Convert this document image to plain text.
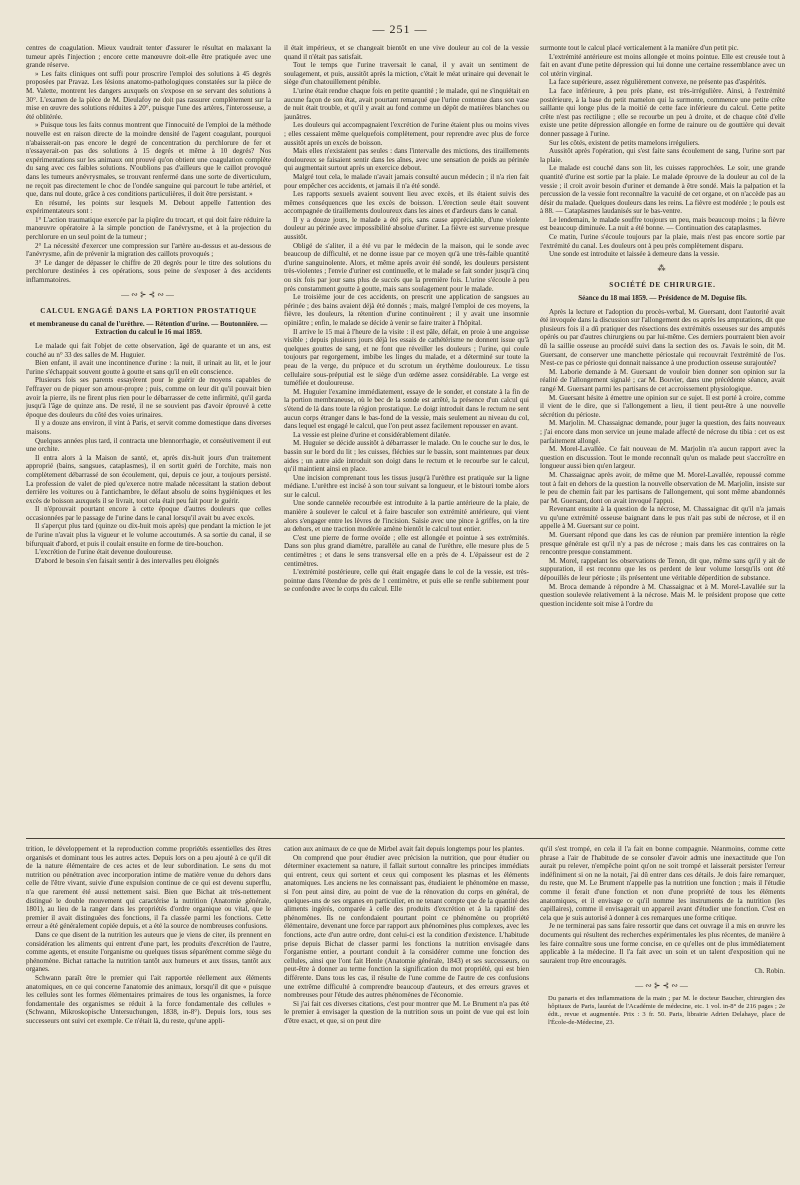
— 251 —

centres de coagulation. Mieux vaudrait tenter d'assurer le résultat en malaxant la tumeur après l'injection ; encore cette manœuvre doit-elle être pratiquée avec une grande réserve.

» Les faits cliniques ont suffi pour proscrire l'emploi des solutions à 45 degrés proposées par Pravaz. Les lésions anatomo-pathologiques constatées sur la pièce de M. Valette, montrent les dangers auxquels on s'expose en se servant des solutions à 30°. L'examen de la pièce de M. Dieulafoy ne doit pas rassurer complètement sur la mise en œuvre des solutions réduites à 20°, puisque l'une des artères, l'interosseuse, a été oblitérée.

» Puisque tous les faits connus montrent que l'innocuité de l'emploi de la méthode nouvelle est en raison directe de la moindre densité de l'agent coagulant, pourquoi n'abaisserait-on pas encore le degré de concentration du perchlorure de fer et n'essayerait-on pas des solutions à 15 degrés et même à 10 degrés? Nos expérimentations sur les animaux ont prouvé qu'on obtient une coagulation complète du sang avec ces faibles solutions. N'oublions pas d'ailleurs que le caillot provoqué dans les tumeurs anévrysmales, se trouvant renfermé dans une sorte de diverticulum, ne reçoit pas directement le choc de l'ondée sanguine qui parcourt le tube artériel, et que, dans nul doute, grâce à ces conditions particulières, il doit être persistant. »

En résumé, les points sur lesquels M. Debout appelle l'attention des expérimentateurs sont :

1° L'action traumatique exercée par la piqûre du trocart, et qui doit faire réduire la manœuvre opératoire à la simple ponction de l'anévrysme, et à la projection du perchlorure en un seul point de la tumeur ;

2° La nécessité d'exercer une compression sur l'artère au-dessus et au-dessous de l'anévrysme, afin de prévenir la migration des caillots provoqués ;

3° Le danger de dépasser le chiffre de 20 degrés pour le titre des solutions du perchlorure destinées à ces opérations, sous peine de s'exposer à des accidents inflammatoires.

—∾⊱⊰∾—
CALCUL ENGAGÉ DANS LA PORTION PROSTATIQUE
et membraneuse du canal de l'urèthre. — Rétention d'urine. — Boutonnière. — Extraction du calcul le 16 mai 1859.

Le malade qui fait l'objet de cette observation, âgé de quarante et un ans, est couché au n° 33 des salles de M. Huguier.

Bien enfant, il avait une incontinence d'urine : la nuit, il urinait au lit, et le jour l'urine s'échappait souvent goutte à goutte et sans qu'il en eût conscience.

Plusieurs fois ses parents essayèrent pour le guérir de moyens capables de l'effrayer ou de piquer son amour-propre ; puis, comme on leur dit qu'il pouvait bien avoir la pierre, ils ne firent plus rien pour le débarrasser de cette infirmité, qu'il garda jusqu'à l'âge de quinze ans. De resté, il ne se souvient pas d'avoir éprouvé à cette époque des douleurs du côté des voies urinaires.

Il y a douze ans environ, il vint à Paris, et servit comme domestique dans diverses maisons.

Quelques années plus tard, il contracta une blennorrhagie, et conséutivement il eut une orchite.

Il entra alors à la Maison de santé, et, après dix-huit jours d'un traitement approprié (bains, sangsues, cataplasmes), il en sortit guéri de l'orchite, mais non complètement débarrassé de son écoulement, qui, depuis ce jour, a toujours persisté. La profession de valet de pied qu'exerce notre malade nécessitant la station debout derrière les voitures ou à l'antichambre, le défaut absolu de soins hygiéniques et les excès de boisson auxquels il se livrait, tout cela était peu fait pour le guérir.

Il n'éprouvait pourtant encore à cette époque d'autres douleurs que celles occasionnées par le passage de l'urine dans le canal lorsqu'il avait bu avec excès.

Il s'aperçut plus tard (quinze ou dix-huit mois après) que pendant la miction le jet de l'urine n'avait plus la vigueur et le volume accoutumés. A sa sortie du canal, il se bifurquait d'abord, et puis il coulait ensuite en forme de tire-bouchon.

L'excrétion de l'urine était devenue douloureuse.

D'abord le besoin s'en faisait sentir à des intervalles peu éloignés

il était impérieux, et se changeait bientôt en une vive douleur au col de la vessie quand il n'était pas satisfait.

Tout le temps que l'urine traversait le canal, il y avait un sentiment de soulagement, et puis, aussitôt après la miction, c'était le méat urinaire qui devenait le siège d'un chatouillement pénible.

L'urine était rendue chaque fois en petite quantité ; le malade, qui ne s'inquiétait en aucune façon de son état, avait pourtant remarqué que l'urine contenue dans son vase de nuit était trouble, et qu'il y avait au fond comme un dépôt de matières blanches ou jaunâtres.

Les douleurs qui accompagnaient l'excrétion de l'urine étaient plus ou moins vives ; elles cessaient même quelquefois complètement, pour reprendre avec plus de force aussitôt après un excès de boisson.

Mais elles n'existaient pas seules : dans l'intervalle des mictions, des tiraillements douloureux se faisaient sentir dans les aînes, avec une sensation de poids au périnée qui augmentait surtout après un exercice debout.

Malgré tout cela, le malade n'avait jamais consulté aucun médecin ; il n'a rien fait pour empêcher ces accidents, et jamais il n'a été sondé.

Les rapports sexuels avaient souvent lieu avec excès, et ils étaient suivis des mêmes conséquences que les excès de boisson. L'érection seule était souvent accompagnée de tiraillements douloureux dans les aines et d'ardeurs dans le canal.

Il y a douze jours, le malade a été pris, sans cause appréciable, d'une violente douleur au périnée avec impossibilité absolue d'uriner. La fièvre est survenue presque aussitôt.

Obligé de s'aliter, il a été vu par le médecin de la maison, qui le sonde avec beaucoup de difficulté, et ne donne issue par ce moyen qu'à une très-faible quantité d'urine sanguinolente. Alors, et même après avoir été sondé, les douleurs persistent très-violentes ; l'envie d'uriner est continuelle, et le malade se fait sonder jusqu'à cinq ou six fois par jour sans plus de succès que la première fois. L'urine s'écoule à peu près constamment goutte à goutte, mais sans soulagement pour le malade.

Le troisième jour de ces accidents, on prescrit une application de sangsues au périnée ; des bains avaient déjà été donnés ; mais, malgré l'emploi de ces moyens, la fièvre, les douleurs, la rétention d'urine continuèrent ; il y avait une insomnie opiniâtre ; enfin, le malade se décide à venir se faire traiter à l'hôpital.

Il arrive le 15 mai à l'heure de la visite : il est pâle, défait, en proie à une angoisse visible ; depuis plusieurs jours déjà les essais de cathétérisme ne donnent issue qu'à quelques gouttes de sang, et ne font que réveiller les douleurs ; l'urine, qui coule toujours par regorgement, imbibe les linges du malade, et a déterminé sur toute la peau de la verge, du prépuce et du scrotum un érythème douloureux. Le tissu cellulaire sous-préputial est le siège d'un œdème assez considérable. La verge est tuméfiée et douloureuse.

M. Huguier l'examine immédiatement, essaye de le sonder, et constate à la fin de la portion membraneuse, où le bec de la sonde est arrêté, la présence d'un calcul qui s'étend de là dans toute la région prostatique. Le doigt introduit dans le rectum ne sent aucun corps étranger dans le bas-fond de la vessie, mais seulement au niveau du col, dans lequel est engagé le calcul, que l'on peut assez facilement repousser en avant.

La vessie est pleine d'urine et considérablement dilatée.

M. Huguier se décide aussitôt à débarrasser le malade. On le couche sur le dos, le bassin sur le bord du lit ; les cuisses, fléchies sur le bassin, sont maintenues par deux aides ; un autre aide introduit son doigt dans le rectum et le recourbe sur le calcul, qu'il maintient ainsi en place.

Une incision comprenant tous les tissus jusqu'à l'urèthre est pratiquée sur la ligne médiane. L'urèthre est incisé à son tour suivant sa longueur, et le bistouri tombe alors sur le calcul.

Une sonde cannelée recourbée est introduite à la partie antérieure de la plaie, de manière à soulever le calcul et à faire basculer son extrémité antérieure, qui vient alors s'engager entre les lèvres de l'incision. Saisie avec une pince à griffes, on la tire au dehors, et une traction modérée amène bientôt le calcul tout entier.

C'est une pierre de forme ovoïde ; elle est allongée et pointue à ses extrémités. Dans son plus grand diamètre, parallèle au canal de l'urèthre, elle mesure plus de 5 centimètres ; et dans le sens transversal elle en a près de 4. L'épaisseur est de 2 centimètres.

L'extrémité postérieure, celle qui était engagée dans le col de la vessie, est très-pointue dans l'étendue de près de 1 centimètre, et puis elle se renfle subitement pour se confondre avec le corps du calcul. Elle

surmonte tout le calcul placé verticalement à la manière d'un petit pic.

L'extrémité antérieure est moins allongée et moins pointue. Elle est creusée tout à fait en avant d'une petite dépression qui lui donne une certaine ressemblance avec un col utérin virginal.

La face supérieure, assez régulièrement convexe, ne présente pas d'aspérités.

La face inférieure, à peu près plane, est très-irrégulière. Ainsi, à l'extrémité postérieure, à la base du petit mamelon qui la surmonte, commence une petite crête saillante qui longe plus de la moitié de cette face inférieure du calcul. Cette petite crête n'est pas rectiligne ; elle se recourbe un peu à droite, et de chaque côté d'elle existe une petite dépression allongée en forme de rainure ou de gouttière qui devait donner passage à l'urine.

Sur les côtés, existent de petits mamelons irréguliers.

Aussitôt après l'opération, qui s'est faite sans écoulement de sang, l'urine sort par la plaie.

Le malade est couché dans son lit, les cuisses rapprochées. Le soir, une grande quantité d'urine est sortie par la plaie. Le malade éprouve de la douleur au col de la vessie ; il croit avoir besoin d'uriner et demande à être sondé. Mais la palpation et la percussion de la vessie font reconnaître la vacuité de cet organe, et on n'accède pas au désir du malade. Quelques douleurs dans les reins. La fièvre est modérée ; le pouls est à 88. — Cataplasmes laudanisés sur le bas-ventre.

Le lendemain, le malade souffre toujours un peu, mais beaucoup moins ; la fièvre est beaucoup diminuée. La nuit a été bonne. — Continuation des cataplasmes.

Ce matin, l'urine s'écoule toujours par la plaie, mais n'est pas encore sortie par l'extrémité du canal. Les douleurs ont à peu près complètement disparu.

Une sonde est introduite et laissée à demeure dans la vessie.

⁂
SOCIÉTÉ DE CHIRURGIE.
Séance du 18 mai 1859. — Présidence de M. Deguise fils.

Après la lecture et l'adoption du procès-verbal, M. Guersant, dont l'autorité avait été invoquée dans la discussion sur l'allongement des os après les amputations, dit que plusieurs fois il a dû pratiquer des résections des extrémités osseuses sur des amputés opérés ou par d'autres chirurgiens ou par lui-même. Ces derniers pourraient bien avoir dû la saillie osseuse au procédé suivi dans la section des os. J'avais le soin, dit M. Guersant, de conserver une manchette périostale qui recouvrait l'extrémité de l'os. N'est-ce pas ce périoste qui donnait naissance à une production osseuse surajoutée?

M. Laborie demande à M. Guersant de vouloir bien donner son opinion sur la réalité de l'allongement signalé ; car M. Bouvier, dans une précédente séance, avait rangé M. Guersant parmi les partisans de cet accroissement physiologique.

M. Guersant hésite à émettre une opinion sur ce sujet. Il est porté à croire, comme il vient de le dire, que si l'allongement a lieu, il tient peut-être à une nouvelle sécrétion du périoste.

M. Marjolin. M. Chassaignac demande, pour juger la question, des faits nouveaux ; j'ai encore dans mon service un jeune malade affecté de nécrose du tibia : cet os est parfaitement allongé.

M. Morel-Lavallée. Ce fait nouveau de M. Marjolin n'a aucun rapport avec la question en discussion. Tout le monde reconnaît qu'un os malade peut s'accroître en longueur aussi bien qu'en largeur.

M. Chassaignac après avoir, de même que M. Morel-Lavallée, repoussé comme tout à fait en dehors de la question la nouvelle observation de M. Marjolin, insiste sur le peu de chemin fait par les partisans de l'allongement, qui sont même abandonnés par M. Guersant, dont on avait invoqué l'appui.

Revenant ensuite à la question de la nécrose, M. Chassaignac dit qu'il n'a jamais vu qu'une extrémité osseuse baignant dans le pus n'ait pas subi de nécrose, et il en appelle à M. Guersant sur ce point.

M. Guersant répond que dans les cas de réunion par première intention la règle presque générale est qu'il n'y a pas de nécrose ; mais dans les cas contraires on la rencontre presque constamment.

M. Morel, rappelant les observations de Tenon, dit que, même sans qu'il y ait de suppuration, il est reconnu que les os perdent de leur volume lorsqu'ils ont été dépouillés de leur périoste ; ils présentent une véritable déperdition de substance.

M. Broca demande à répondre à M. Chassaignac et à M. Morel-Lavallée sur la question soulevée relativement à la nécrose. Mais M. le président propose que cette question incidente soit mise à l'ordre du

trition, le développement et la reproduction comme propriétés essentielles des êtres organisés et dominant tous les autres actes. Depuis lors on a peu ajouté à ce qu'il dit de la nature élémentaire de ces actes et de leur subordination. Le sens du mot nutrition ou pénétration avec incorporation intime de matière venue du dehors dans celle de l'être vivant, suivie d'une expulsion continue de ce qui est devenu superflu, n'a que rarement été aussi nettement saisi. Bien que Bichat ait très-nettement distingué le double mouvement qui caractérise la nutrition (Anatomie générale, 1801), au lieu de la ranger dans les propriétés d'ordre organique ou vital, que le premier il avait distinguées des fonctions, il l'a classée parmi les fonctions. Cette erreur a été généralement copiée depuis, et a été la source de nombreuses confusions.

Dans ce que disent de la nutrition les auteurs que je viens de citer, ils prennent en considération les aliments qui entrent d'une part, les produits d'excrétion de l'autre, comme agents, et ensuite l'organisme ou quelques tissus séparément comme siège du phénomène. Bichat rattache la nutrition tantôt aux humeurs et aux tissus, tantôt aux organes.

Schwann paraît être le premier qui l'ait rapportée réellement aux éléments anatomiques, en ce qui concerne l'anatomie des animaux, lorsqu'il dit que « puisque les cellules sont les formes élémentaires primaires de tous les organismes, la force fondamentale des organismes se réduit à la force fondamentale des cellules » (Schwann, Mikroskopische Untersuchungen, 1838, in-8°). Depuis lors, tous ses successeurs ont suivi cet exemple. Ce n'était là, du reste, qu'une appli-

cation aux animaux de ce que de Mirbel avait fait depuis longtemps pour les plantes.

On comprend que pour étudier avec précision la nutrition, que pour étudier ou déterminer exactement sa nature, il fallait surtout connaître les principes immédiats qui entrent, ceux qui sortent et ceux qui composent les plasmas et les éléments anatomiques. Les anciens ne les connaissant pas, étudiaient le phénomène en masse, si l'on peut ainsi dire, au point de vue de la rénovation du corps en général, de quelques-uns de ses organes en particulier, en ne tenant compte que de la quantité des aliments ingérés, comparée à celle des produits d'excrétion et à la rapidité des phénomènes. Ils ne confondaient pourtant point ce phénomène ou propriété élémentaire, devenant une force par rapport aux phénomènes plus complexes, avec les fonctions, acte d'un autre ordre, dont celui-ci est la condition d'existence. L'habitude prise depuis Bichat de classer parmi les fonctions la nutrition envisagée dans l'organisme entier, a pourtant conduit à la considérer comme une fonction des cellules, ainsi que l'ont fait Henle (Anatomie générale, 1843) et ses successeurs, ou peut-être à donner au terme fonction la signification du mot propriété, qui est bien différente. Dans tous les cas, il résulte de l'une comme de l'autre de ces confusions une extrême difficulté à comprendre beaucoup d'auteurs, et des erreurs graves et nombreuses pour l'étude des autres phénomènes de l'économie.

Si j'ai fait ces diverses citations, c'est pour montrer que M. Le Brument n'a pas été le premier à envisager la question de la nutrition sous un point de vue qui est loin d'être exact, et que, si on peut dire

qu'il s'est trompé, en cela il l'a fait en bonne compagnie. Néanmoins, comme cette phrase a l'air de l'habitude de se consoler d'avoir admis une inexactitude que l'on aurait pu relever, n'empêche point qu'on ne soit trompé et laisserait persister l'erreur indéfiniment si on ne la notait, j'ai dû entrer dans ces détails. Je dois faire remarquer, du reste, que M. Le Brument n'appelle pas la nutrition une fonction ; mais il l'étudie comme il ferait d'une fonction et non d'une propriété de tous les éléments anatomiques, et il envisage ce qu'il nomme les instruments de la nutrition (les capillaires), comme il envisagerait un appareil avant d'étudier une fonction. C'est en cela que je suis autorisé à donner à ces remarques une forme critique.

Je ne terminerai pas sans faire ressortir que dans cet ouvrage il a mis en œuvre les documents qui résultent des recherches expérimentales les plus récentes, de manière à les faire connaître sous une forme concise, en ce qu'elles ont de plus immédiatement applicable à la médecine. Il l'a fait avec un soin et un talent d'exposition qui ne sauraient trop être encouragés.

Ch. Robin.
—∾⊱⊰∾—

Du panaris et des inflammations de la main ; par M. le docteur Baucher, chirurgien des hôpitaux de Paris, lauréat de l'Académie de médecine, etc. 1 vol. in-8° de 216 pages ; 2e édit., revue et augmentée. Prix : 3 fr. 50. Paris, librairie Adrien Delahaye, place de l'École-de-Médecine, 23.
